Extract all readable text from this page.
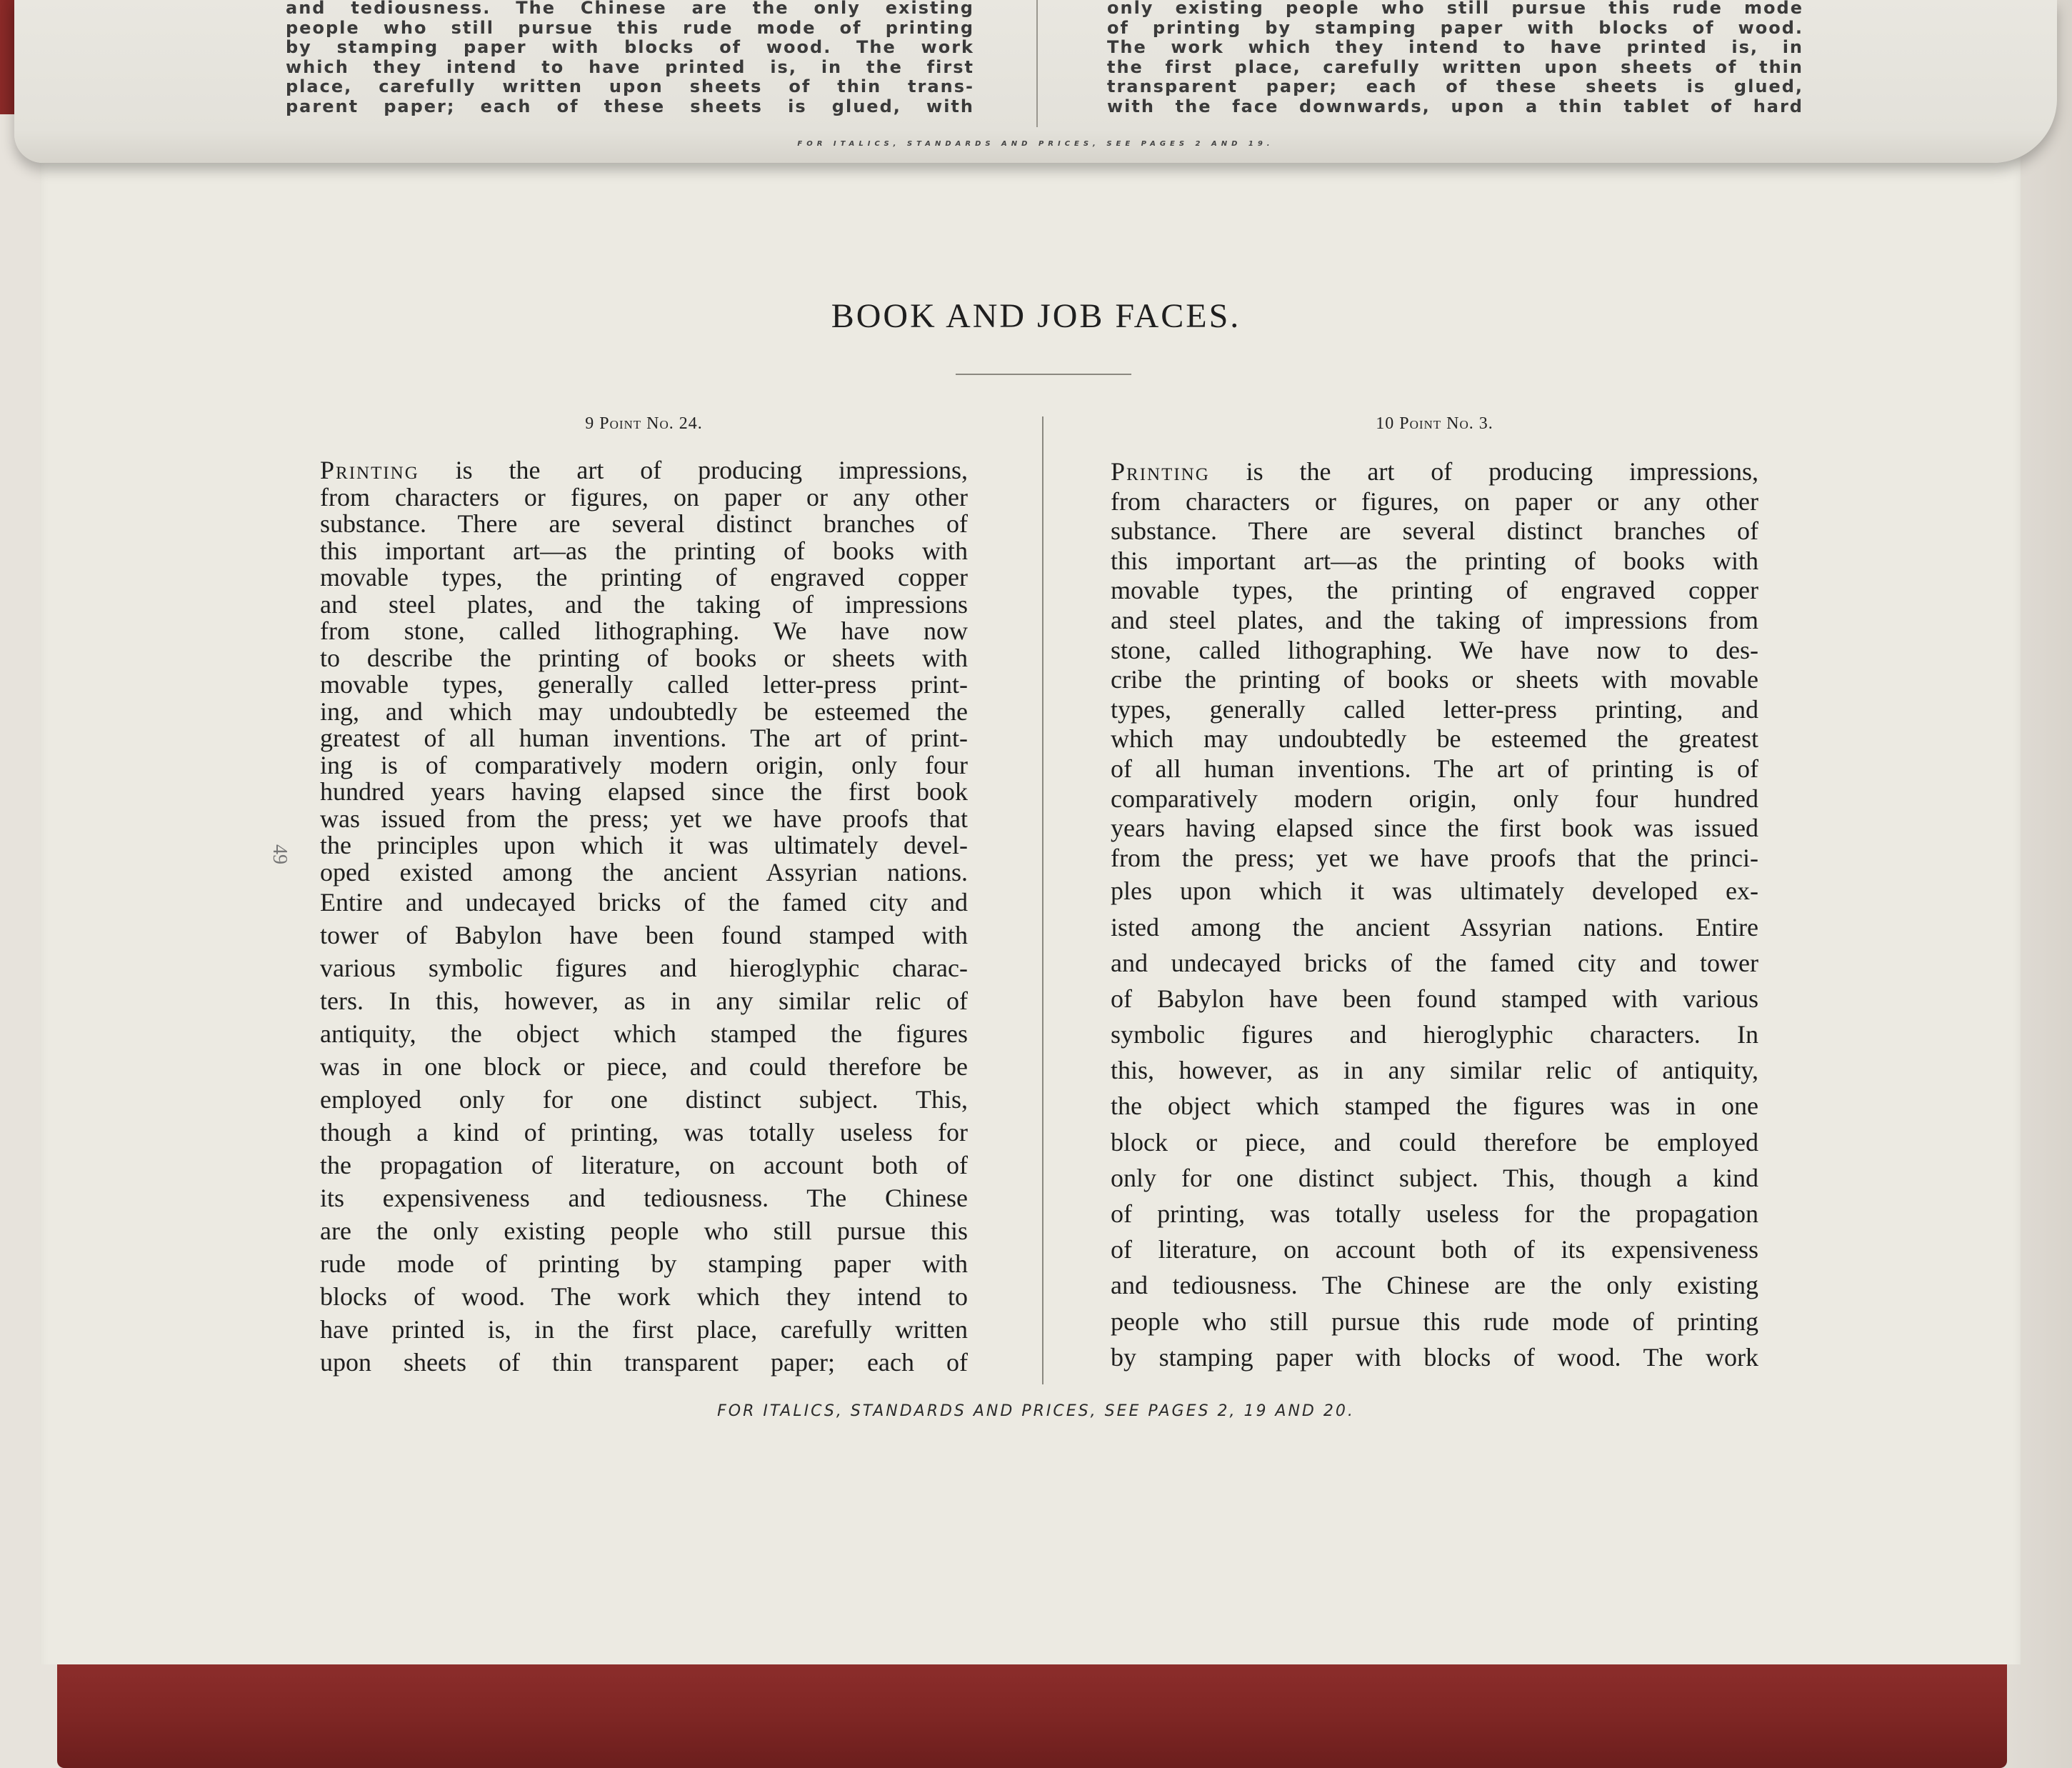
and tediousness. The Chinese are the only existing
people who still pursue this rude mode of printing
by stamping paper with blocks of wood. The work
which they intend to have printed is, in the first
place, carefully written upon sheets of thin trans-
parent paper; each of these sheets is glued, with
only existing people who still pursue this rude mode
of printing by stamping paper with blocks of wood.
The work which they intend to have printed is, in
the first place, carefully written upon sheets of thin
transparent paper; each of these sheets is glued,
with the face downwards, upon a thin tablet of hard
FOR ITALICS, STANDARDS AND PRICES, SEE PAGES 2 AND 19.
49
BOOK AND JOB FACES.
9 Point No. 24.	10 Point No. 3.
Printing is the art of producing impressions,
from characters or figures, on paper or any other
substance. There are several distinct branches of
this important art—as the printing of books with
movable types, the printing of engraved copper
and steel plates, and the taking of impressions
from stone, called lithographing. We have now
to describe the printing of books or sheets with
movable types, generally called letter-press print-
ing, and which may undoubtedly be esteemed the
greatest of all human inventions. The art of print-
ing is of comparatively modern origin, only four
hundred years having elapsed since the first book
was issued from the press; yet we have proofs that
the principles upon which it was ultimately devel-
oped existed among the ancient Assyrian nations.
Entire and undecayed bricks of the famed city and
tower of Babylon have been found stamped with
various symbolic figures and hieroglyphic charac-
ters. In this, however, as in any similar relic of
antiquity, the object which stamped the figures
was in one block or piece, and could therefore be
employed only for one distinct subject. This,
though a kind of printing, was totally useless for
the propagation of literature, on account both of
its expensiveness and tediousness. The Chinese
are the only existing people who still pursue this
rude mode of printing by stamping paper with
blocks of wood. The work which they intend to
have printed is, in the first place, carefully written
upon sheets of thin transparent paper; each of
Printing is the art of producing impressions,
from characters or figures, on paper or any other
substance. There are several distinct branches of
this important art—as the printing of books with
movable types, the printing of engraved copper
and steel plates, and the taking of impressions from
stone, called lithographing. We have now to des-
cribe the printing of books or sheets with movable
types, generally called letter-press printing, and
which may undoubtedly be esteemed the greatest
of all human inventions. The art of printing is of
comparatively modern origin, only four hundred
years having elapsed since the first book was issued
from the press; yet we have proofs that the princi-
ples upon which it was ultimately developed ex-
isted among the ancient Assyrian nations. Entire
and undecayed bricks of the famed city and tower
of Babylon have been found stamped with various
symbolic figures and hieroglyphic characters. In
this, however, as in any similar relic of antiquity,
the object which stamped the figures was in one
block or piece, and could therefore be employed
only for one distinct subject. This, though a kind
of printing, was totally useless for the propagation
of literature, on account both of its expensiveness
and tediousness. The Chinese are the only existing
people who still pursue this rude mode of printing
by stamping paper with blocks of wood. The work
FOR ITALICS, STANDARDS AND PRICES, SEE PAGES 2, 19 AND 20.
